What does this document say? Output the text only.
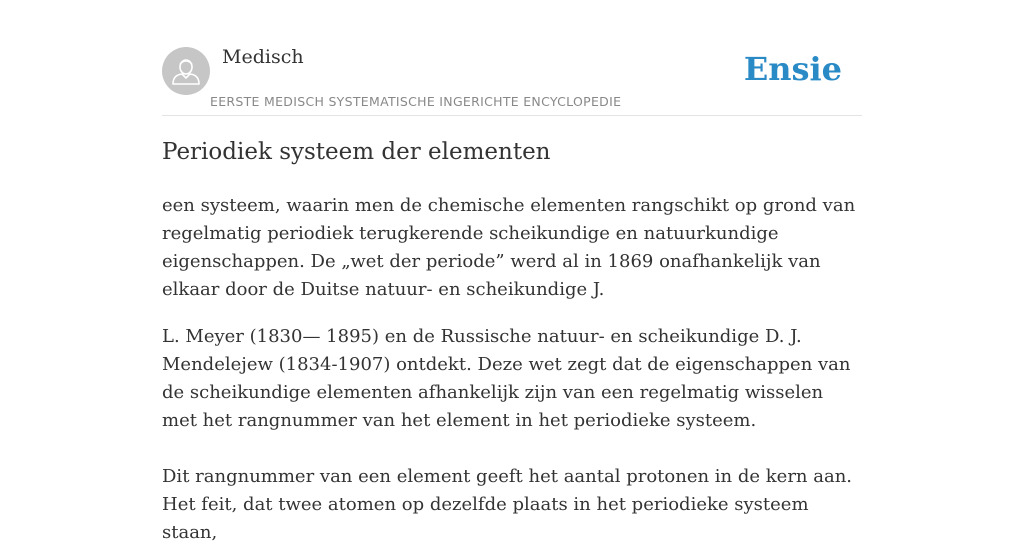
Medisch
EERSTE MEDISCH SYSTEMATISCHE INGERICHTE ENCYCLOPEDIE
Ensie
Periodiek systeem der elementen

een systeem, waarin men de chemische elementen rangschikt op grond van regelmatig periodiek terugkerende scheikundige en natuurkundige eigenschappen. De „wet der periode” werd al in 1869 onafhankelijk van elkaar door de Duitse natuur- en scheikundige J.

L. Meyer (1830— 1895) en de Russische natuur- en scheikundige D. J. Mendelejew (1834-1907) ontdekt. Deze wet zegt dat de eigenschappen van de scheikundige elementen afhankelijk zijn van een regelmatig wisselen met het rangnummer van het element in het periodieke systeem.

Dit rangnummer van een element geeft het aantal protonen in de kern aan. Het feit, dat twee atomen op dezelfde plaats in het periodieke systeem staan,
